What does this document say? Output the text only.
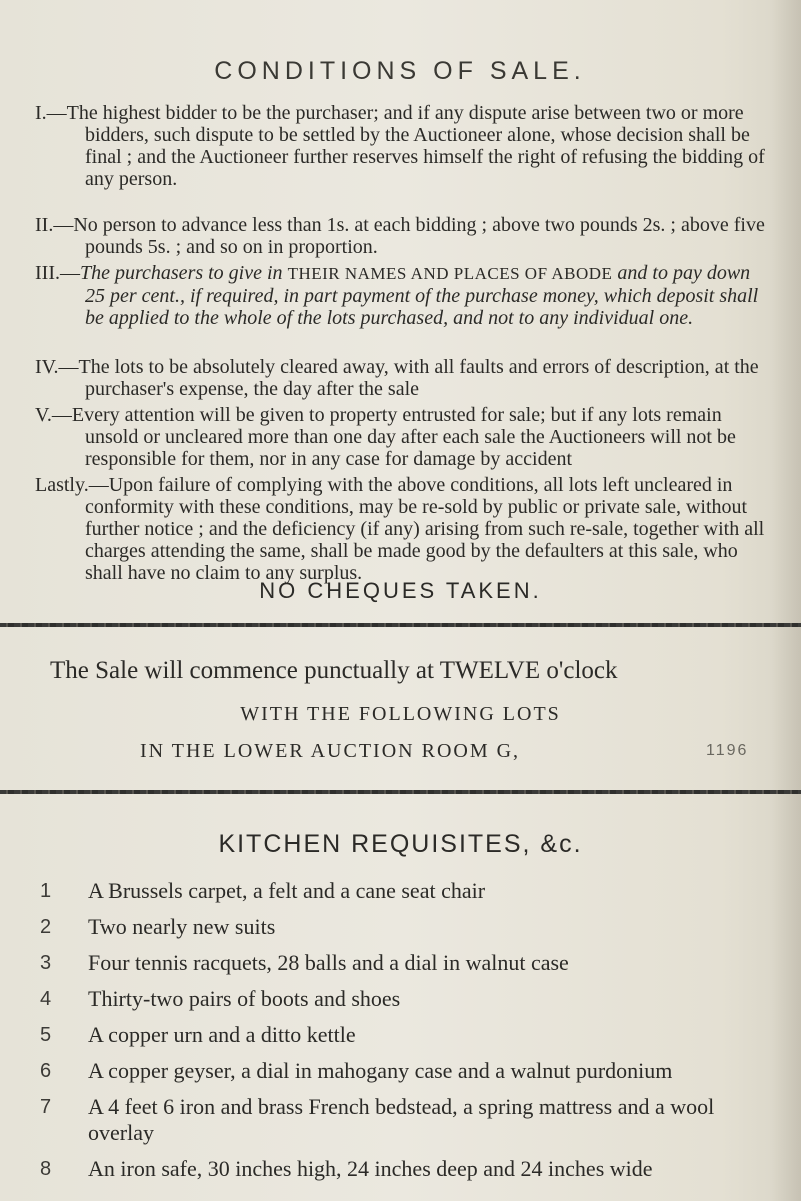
CONDITIONS OF SALE.

I.—The highest bidder to be the purchaser; and if any dispute arise between two or more bidders, such dispute to be settled by the Auctioneer alone, whose decision shall be final ; and the Auctioneer further reserves himself the right of refusing the bidding of any person.

II.—No person to advance less than 1s. at each bidding ; above two pounds 2s. ; above five pounds 5s. ; and so on in proportion.

III.—The purchasers to give in THEIR NAMES AND PLACES OF ABODE and to pay down 25 per cent., if required, in part payment of the purchase money, which deposit shall be applied to the whole of the lots purchased, and not to any individual one.

IV.—The lots to be absolutely cleared away, with all faults and errors of description, at the purchaser's expense, the day after the sale

V.—Every attention will be given to property entrusted for sale; but if any lots remain unsold or uncleared more than one day after each sale the Auctioneers will not be responsible for them, nor in any case for damage by accident

Lastly.—Upon failure of complying with the above conditions, all lots left uncleared in conformity with these conditions, may be re-sold by public or private sale, without further notice ; and the deficiency (if any) arising from such re-sale, together with all charges attending the same, shall be made good by the defaulters at this sale, who shall have no claim to any surplus.

NO CHEQUES TAKEN.
The Sale will commence punctually at TWELVE o'clock
WITH THE FOLLOWING LOTS
IN THE LOWER AUCTION ROOM G,	1196
KITCHEN REQUISITES, &c.
1	A Brussels carpet, a felt and a cane seat chair
2	Two nearly new suits
3	Four tennis racquets, 28 balls and a dial in walnut case
4	Thirty-two pairs of boots and shoes
5	A copper urn and a ditto kettle
6	A copper geyser, a dial in mahogany case and a walnut purdonium
7	A 4 feet 6 iron and brass French bedstead, a spring mattress and a wool overlay
8	An iron safe, 30 inches high, 24 inches deep and 24 inches wide
